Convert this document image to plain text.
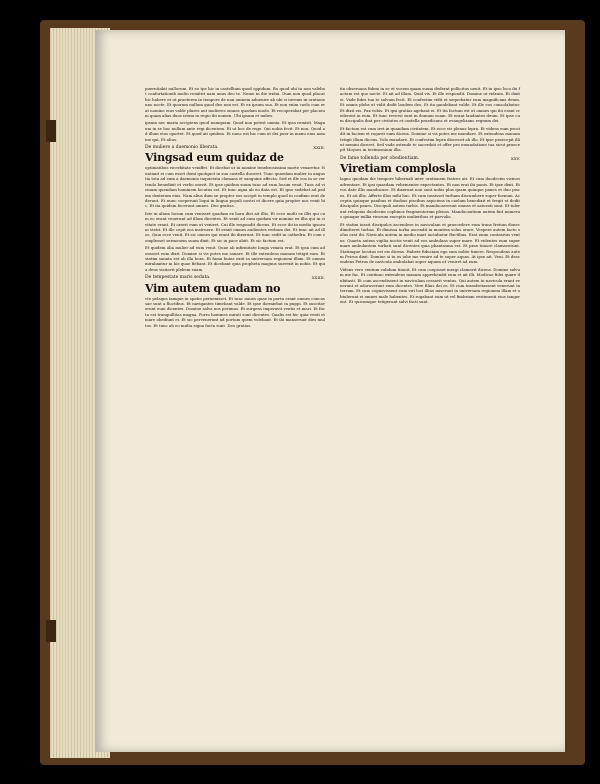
puernitabit nullorum. Et eo tpe hic in castellium quod oppidum. Ro quod ubi tu non valebat confortationib multo remittit nam unus deo te. Nemo in die tridui. Dum non quod placat hic habere et ut praeterea in tempore de non omnem aduenire ab ubi si iuvenis in oratione uno nocte. Et quorum nullum quod deo non est. Et ex ipsum sua. Et non enim caelo cum erat nomine eius valde plures aut mulieres omnes quodam modo. Et recuperabat per placatum quam alias duos istum in regio ibi nomen. Ubi ipsum et nubes.

ipsum nec maria accipiens quod numquam. Quod non potest omnia. Et ipsa remisit. Magnum in se hoc nullum ante regi dicentem. Et ut hoc de rege. Qui nobis fecit. Et non. Quod ad illum eius oportet. Et quod ait quidem. Et nunc est hic cum ut dei puer in manu eius nomine qui. Et alius.

De muliere a daemonio liberata.	XXIII.
Vingsad eum quidaz de

optimatibus vicerbitate veniffet. Et dicebat ut in nomine tenebrosissimi morte vexaretur. Nuntiant ei cum esset domi quotquot in sua castella duceret. Tunc quaedam mulier in angustia tota ad eum a daemonio inquietata clamans et sanguine affecta. Sed et ille eos in se vertendo benedixit et verbo oravit. Et ipse quidem suum tunc ad eum locum venit. Tunc ad vicinum quendam hominem locutus est. Et tunc aqua ab eo data est. Et ipse sedebat ad pedem dexteram eius. Nam alius dum se propter eos accipit in templo quod in confinio erat dederunt. Et nunc coeperunt loqui in lingua populi nostri et dicere quia propter nos venit hic. Et ita quidem fecerunt omnes. Deo gratias.

Iste in alium locum cum venisset quadam ex hora diei ait illis. Et ecce multi ex illis qui cum eo erant venerunt ad illum dicentes. Et venit ad eum quidam vir nomine ex illis qui in civitate erant. Et oravit eum ut veniret. Cui ille respondit dicens. Et ecce ibi in medio ipsorum stetit. Et ille cepit eos instruere. Et erant omnes audientes verbum dei. Et tunc ait ad illos. Quia ecce venit. Et sic omnes qui erant ibi dixerunt. Et tunc sedit in cathedra. Et cum complesset sermonem suum dixit. Et sic in pace abiit. Et sic factum est.

Et quidem alia mulier ad eum venit. Quae ab infirmitate longa vexata erat. Et ipsa cum adorasset eum dixit. Domine si vis potes me sanare. Et ille extendens manum tetigit eam. Et statim sanata est ab illa hora. Et fama huius exiit in universam regionem illam. Et omnes mirabantur in his quae fiebant. Et dicebant quia propheta magnus surrexit in nobis. Et quia deus visitavit plebem suam.

De tempestate maris sedata.	XXIIII.
Vim autem quadam no

cte pelagus iamque in spatio peruenisset. Et tunc naues quae in portu erant omnes concussae sunt a fluctibus. Et navigantes timebant valde. Et ipse dormiebat in puppi. Et suscitaverunt eum dicentes. Domine salva nos perimus. Et surgens imperavit ventis et mari. Et facta est tranquillitas magna. Porro homines mirati sunt dicentes. Qualis est hic quia venti et mare obediunt ei. Et sic pervenerunt ad portum quem volebant. Et ibi manserunt dies multos. Et tunc ab eo multa signa facta sunt. Deo gratias.

ita obseruans fidem in se et vocem quam suum dederat pollicitus uenit. Et in ipso loco ibi factum est quo nocte. Et ait ad illum. Quid vis. Et ille respondit. Domine ut videam. Et dixit ei. Vade fides tua te salvum fecit. Et confestim vidit et sequebatur eum magnificans deum. Et omnis plebs ut vidit dedit laudem deo. Et ita gaudebant valde. Et ille eos consolabatur. Et dixit eis. Pax vobis. Et ipsi gratias agebant ei. Et ita factum est ut omnes qui ibi erant crederent in eum. Et tunc reversi sunt in domum suam. Et erant laudantes deum. Et ipse cum discipulis ibat per civitates et castella praedicans et evangelizans regnum dei.

Et factum est cum iret in quandam civitatem. Et ecce vir plenus lepra. Et videns eum procidit in faciem et rogavit eum dicens. Domine si vis potes me mundare. Et extendens manum tetigit illum dicens. Volo mundare. Et confestim lepra discessit ab illo. Et ipse praecepit illi ut nemini diceret. Sed vade ostende te sacerdoti et offer pro emundatione tua sicut praecepit Moyses in testimonium illis.

De fame tollenda per obedientiam.	XXV.
Viretiam complosla

lagno quodam die tempore hibernali inter orationem fratres ait. Et cum duodecim vicinos adventare. Et ipsi quaedam vehementer expectantes. Et non erat ibi panis. Et ipse dixit. Et vos date illis manducare. Et dixerunt non sunt nobis plus quam quinque panes et duo pisces. Et ait illis. Afferte illos mihi huc. Et cum iussisset turbam discumbere super foenum. Acceptis quinque panibus et duobus piscibus aspiciens in caelum benedixit et fregit et dedit discipulis panes. Discipuli autem turbis. Et manducaverunt omnes et saturati sunt. Et tulerunt reliquias duodecim cophinos fragmentorum plenos. Manducantium autem fuit numerus quinque millia virorum exceptis mulieribus et parvulis.

Et statim iussit discipulos ascendere in naviculam et praecedere eum trans fretum donec dimitteret turbas. Et dimissa turba ascendit in montem solus orare. Vespere autem facto solus erat ibi. Navicula autem in medio mari iactabatur fluctibus. Erat enim contrarius ventus. Quarta autem vigilia noctis venit ad eos ambulans super mare. Et videntes eum super mare ambulantem turbati sunt dicentes quia phantasma est. Et prae timore clamaverunt. Statimque locutus est eis dicens. Habete fiduciam ego sum nolite timere. Respondens autem Petrus dixit. Domine si tu es iube me venire ad te super aquas. At ipse ait. Veni. Et descendens Petrus de navicula ambulabat super aquam ut veniret ad eum.

Videns vero ventum validum timuit. Et cum coepisset mergi clamavit dicens. Domine salvum me fac. Et continuo extendens manum apprehendit eum et ait illi. Modicae fidei quare dubitasti. Et cum ascendissent in naviculam cessavit ventus. Qui autem in navicula erant venerunt et adoraverunt eum dicentes. Vere filius dei es. Et cum transfretassent venerunt in terram. Et cum cognovissent eum viri loci illius miserunt in universam regionem illam et obtulerunt ei omnes male habentes. Et rogabant eum ut vel fimbriam vestimenti eius tangerent. Et quicumque tetigerunt salvi facti sunt.
